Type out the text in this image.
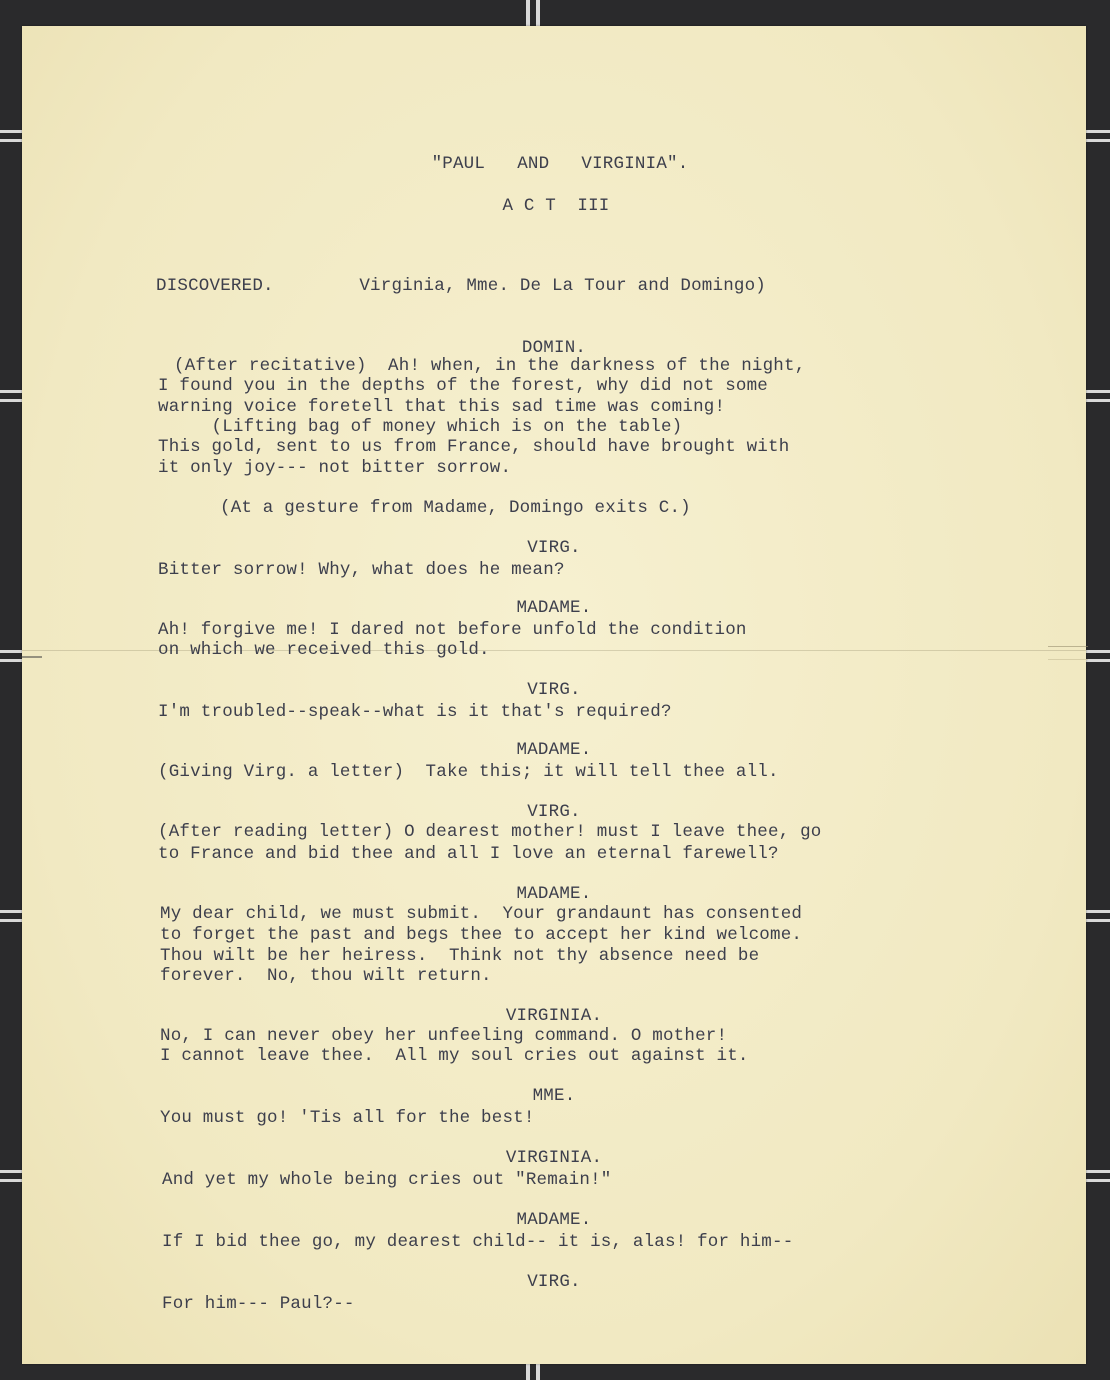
"PAUL   AND   VIRGINIA".

A C T  III

DISCOVERED.        Virginia, Mme. De La Tour and Domingo)

DOMIN.

(After recitative)  Ah! when, in the darkness of the night,

I found you in the depths of the forest, why did not some

warning voice foretell that this sad time was coming!

(Lifting bag of money which is on the table)

This gold, sent to us from France, should have brought with

it only joy--- not bitter sorrow.

(At a gesture from Madame, Domingo exits C.)

VIRG.

Bitter sorrow! Why, what does he mean?

MADAME.

Ah! forgive me! I dared not before unfold the condition

on which we received this gold.

VIRG.

I'm troubled--speak--what is it that's required?

MADAME.

(Giving Virg. a letter)  Take this; it will tell thee all.

VIRG.

(After reading letter) O dearest mother! must I leave thee, go

to France and bid thee and all I love an eternal farewell?

MADAME.

My dear child, we must submit.  Your grandaunt has consented

to forget the past and begs thee to accept her kind welcome.

Thou wilt be her heiress.  Think not thy absence need be

forever.  No, thou wilt return.

VIRGINIA.

No, I can never obey her unfeeling command. O mother!

I cannot leave thee.  All my soul cries out against it.

MME.

You must go! 'Tis all for the best!

VIRGINIA.

And yet my whole being cries out "Remain!"

MADAME.

If I bid thee go, my dearest child-- it is, alas! for him--

VIRG.

For him--- Paul?--
